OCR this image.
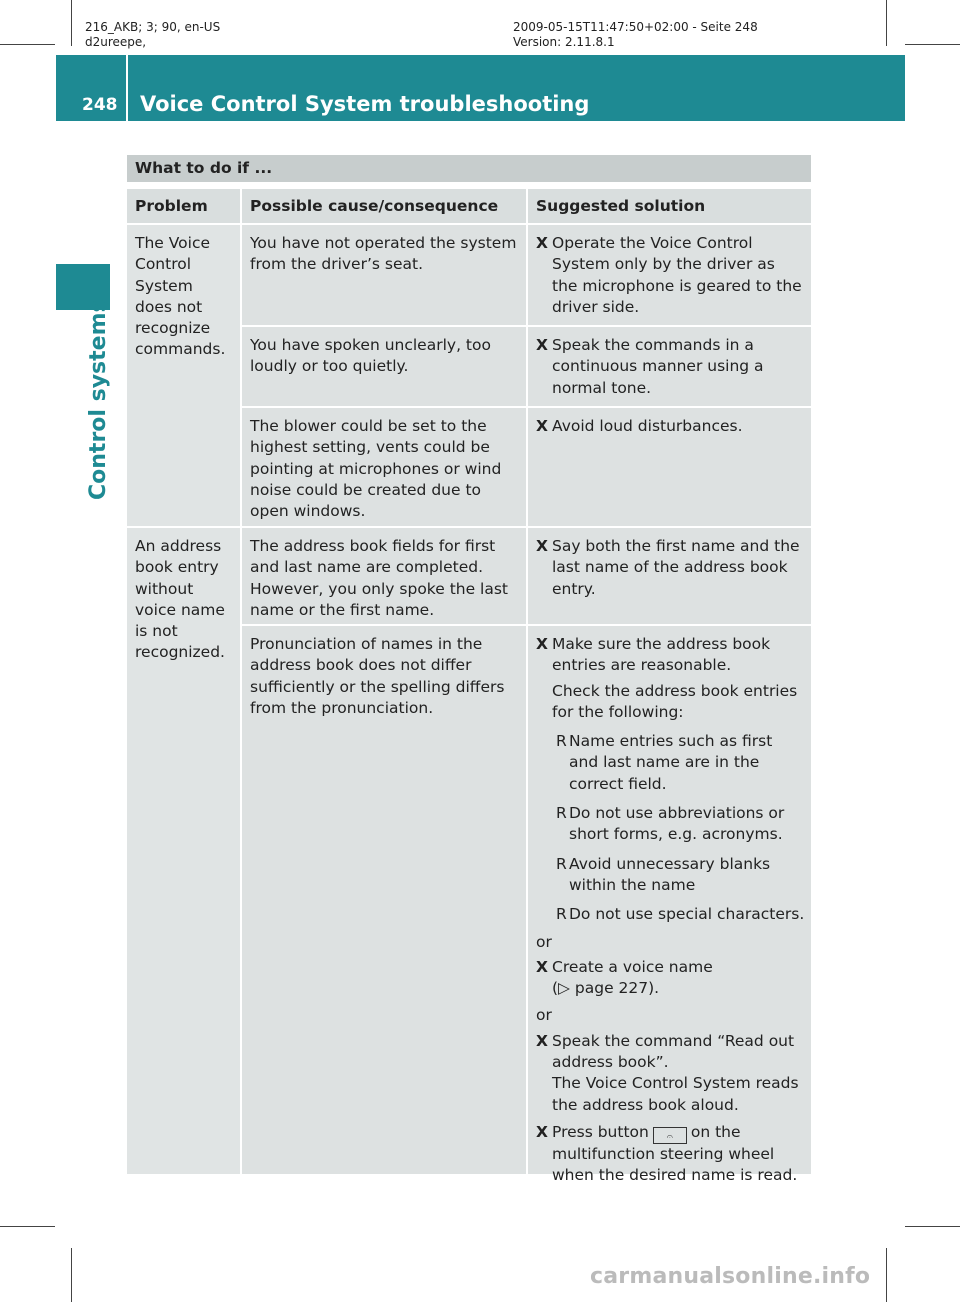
216_AKB; 3; 90, en-US
d2ureepe,
2009-05-15T11:47:50+02:00 - Seite 248
Version: 2.11.8.1
248 Voice Control System troubleshooting
Control systems
What to do if ...
Problem	Possible cause/consequence	Suggested solution
The Voice Control System does not recognize commands.
You have not operated the system from the driver’s seat.
X Operate the Voice Control System only by the driver as the microphone is geared to the driver side.
You have spoken unclearly, too loudly or too quietly.
X Speak the commands in a continuous manner using a normal tone.
The blower could be set to the highest setting, vents could be pointing at microphones or wind noise could be created due to open windows.
X Avoid loud disturbances.
An address book entry without voice name is not recognized.
The address book fields for first and last name are completed. However, you only spoke the last name or the first name.
X Say both the first name and the last name of the address book entry.
Pronunciation of names in the address book does not differ sufficiently or the spelling differs from the pronunciation.
X Make sure the address book entries are reasonable.
Check the address book entries for the following:
R Name entries such as first and last name are in the correct field.
R Do not use abbreviations or short forms, e.g. acronyms.
R Avoid unnecessary blanks within the name
R Do not use special characters.
or
X Create a voice name
(▷ page 227).
or
X Speak the command “Read out address book”.
The Voice Control System reads the address book aloud.
X Press button 𝄐 on the multifunction steering wheel when the desired name is read.
carmanualsonline.info
